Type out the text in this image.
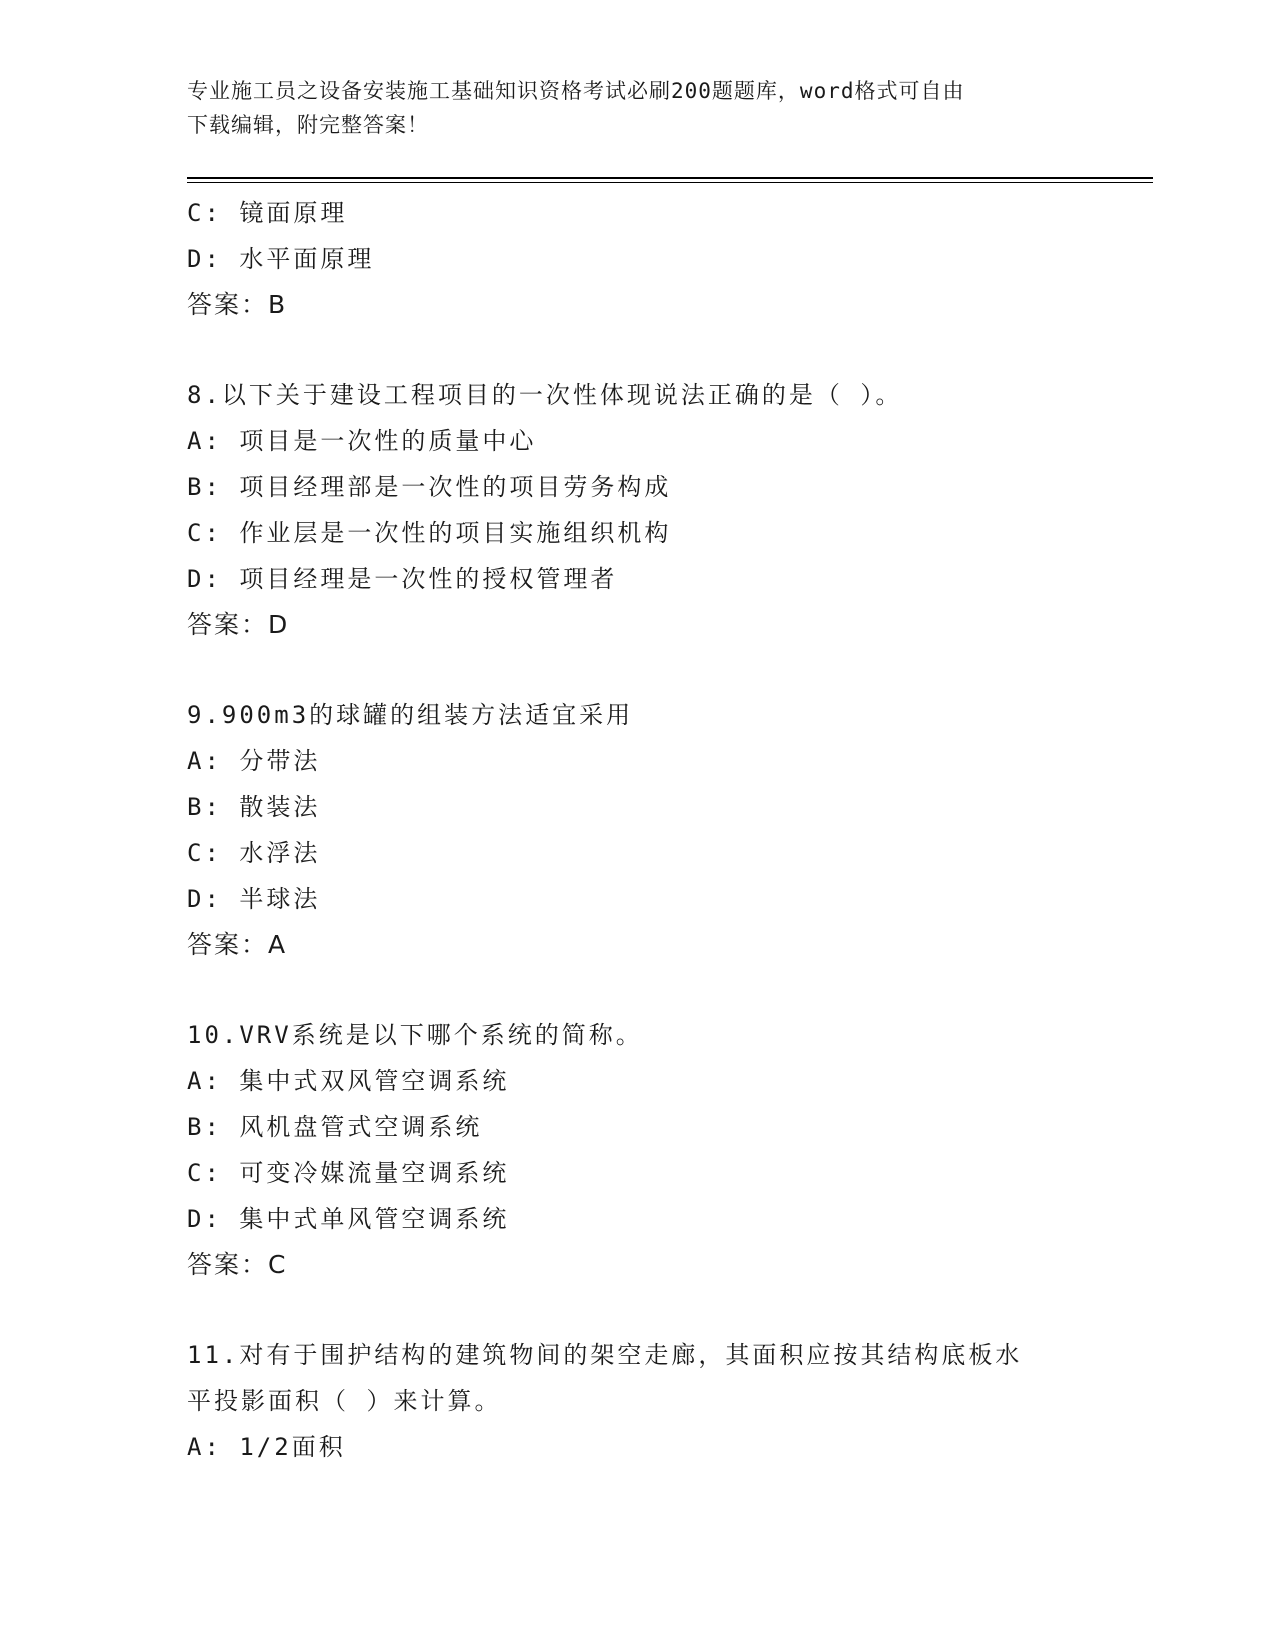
专业施工员之设备安装施工基础知识资格考试必刷200题题库，word格式可自由
下载编辑，附完整答案！
C: 镜面原理
D: 水平面原理
答案：B
8.以下关于建设工程项目的一次性体现说法正确的是（ ）。
A: 项目是一次性的质量中心
B: 项目经理部是一次性的项目劳务构成
C: 作业层是一次性的项目实施组织机构
D: 项目经理是一次性的授权管理者
答案：D
9.900m3的球罐的组装方法适宜采用
A: 分带法
B: 散装法
C: 水浮法
D: 半球法
答案：A
10.VRV系统是以下哪个系统的简称。
A: 集中式双风管空调系统
B: 风机盘管式空调系统
C: 可变冷媒流量空调系统
D: 集中式单风管空调系统
答案：C
11.对有于围护结构的建筑物间的架空走廊，其面积应按其结构底板水
平投影面积（ ）来计算。
A: 1/2面积
